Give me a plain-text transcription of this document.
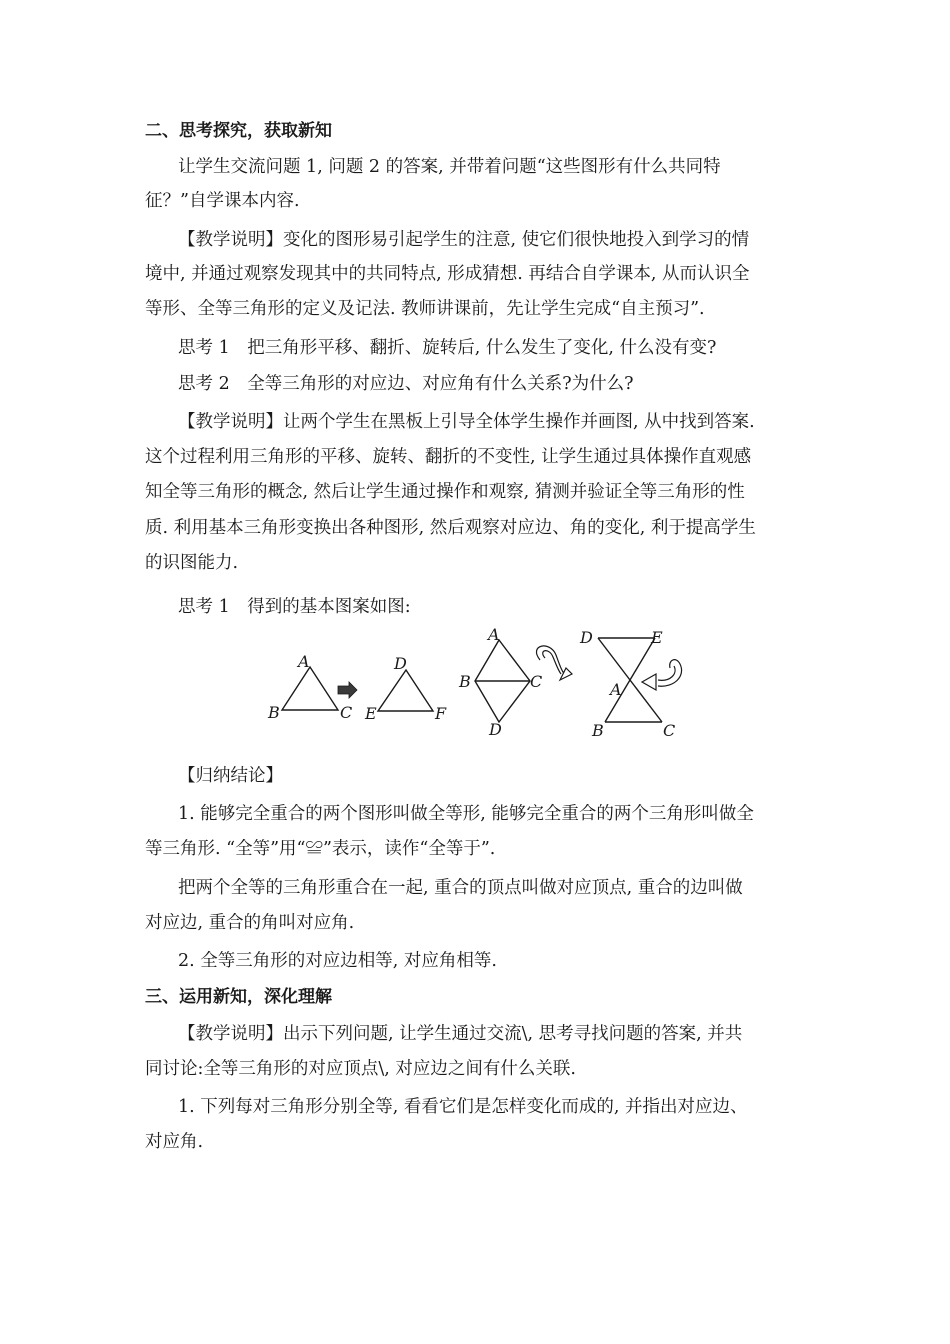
二、思考探究，获取新知
让学生交流问题 1, 问题 2 的答案, 并带着问题“这些图形有什么共同特
征？”自学课本内容.
【教学说明】变化的图形易引起学生的注意, 使它们很快地投入到学习的情
境中, 并通过观察发现其中的共同特点, 形成猜想. 再结合自学课本, 从而认识全
等形、全等三角形的定义及记法. 教师讲课前，先让学生完成“自主预习”.
思考 1　把三角形平移、翻折、旋转后, 什么发生了变化, 什么没有变?
思考 2　全等三角形的对应边、对应角有什么关系?为什么?
【教学说明】让两个学生在黑板上引导全体学生操作并画图, 从中找到答案.
这个过程利用三角形的平移、旋转、翻折的不变性, 让学生通过具体操作直观感
知全等三角形的概念, 然后让学生通过操作和观察, 猜测并验证全等三角形的性
质. 利用基本三角形变换出各种图形, 然后观察对应边、角的变化, 利于提高学生
的识图能力.
思考 1　得到的基本图案如图:
A
B	C
D
E	F
A
B	C
D
D	E
A
B	C
【归纳结论】
1. 能够完全重合的两个图形叫做全等形, 能够完全重合的两个三角形叫做全
等三角形. “全等”用“≌”表示，读作“全等于”.
把两个全等的三角形重合在一起, 重合的顶点叫做对应顶点, 重合的边叫做
对应边, 重合的角叫对应角.
2. 全等三角形的对应边相等, 对应角相等.
三、运用新知，深化理解
【教学说明】出示下列问题, 让学生通过交流\, 思考寻找问题的答案, 并共
同讨论:全等三角形的对应顶点\, 对应边之间有什么关联.
1. 下列每对三角形分别全等, 看看它们是怎样变化而成的, 并指出对应边、
对应角.
